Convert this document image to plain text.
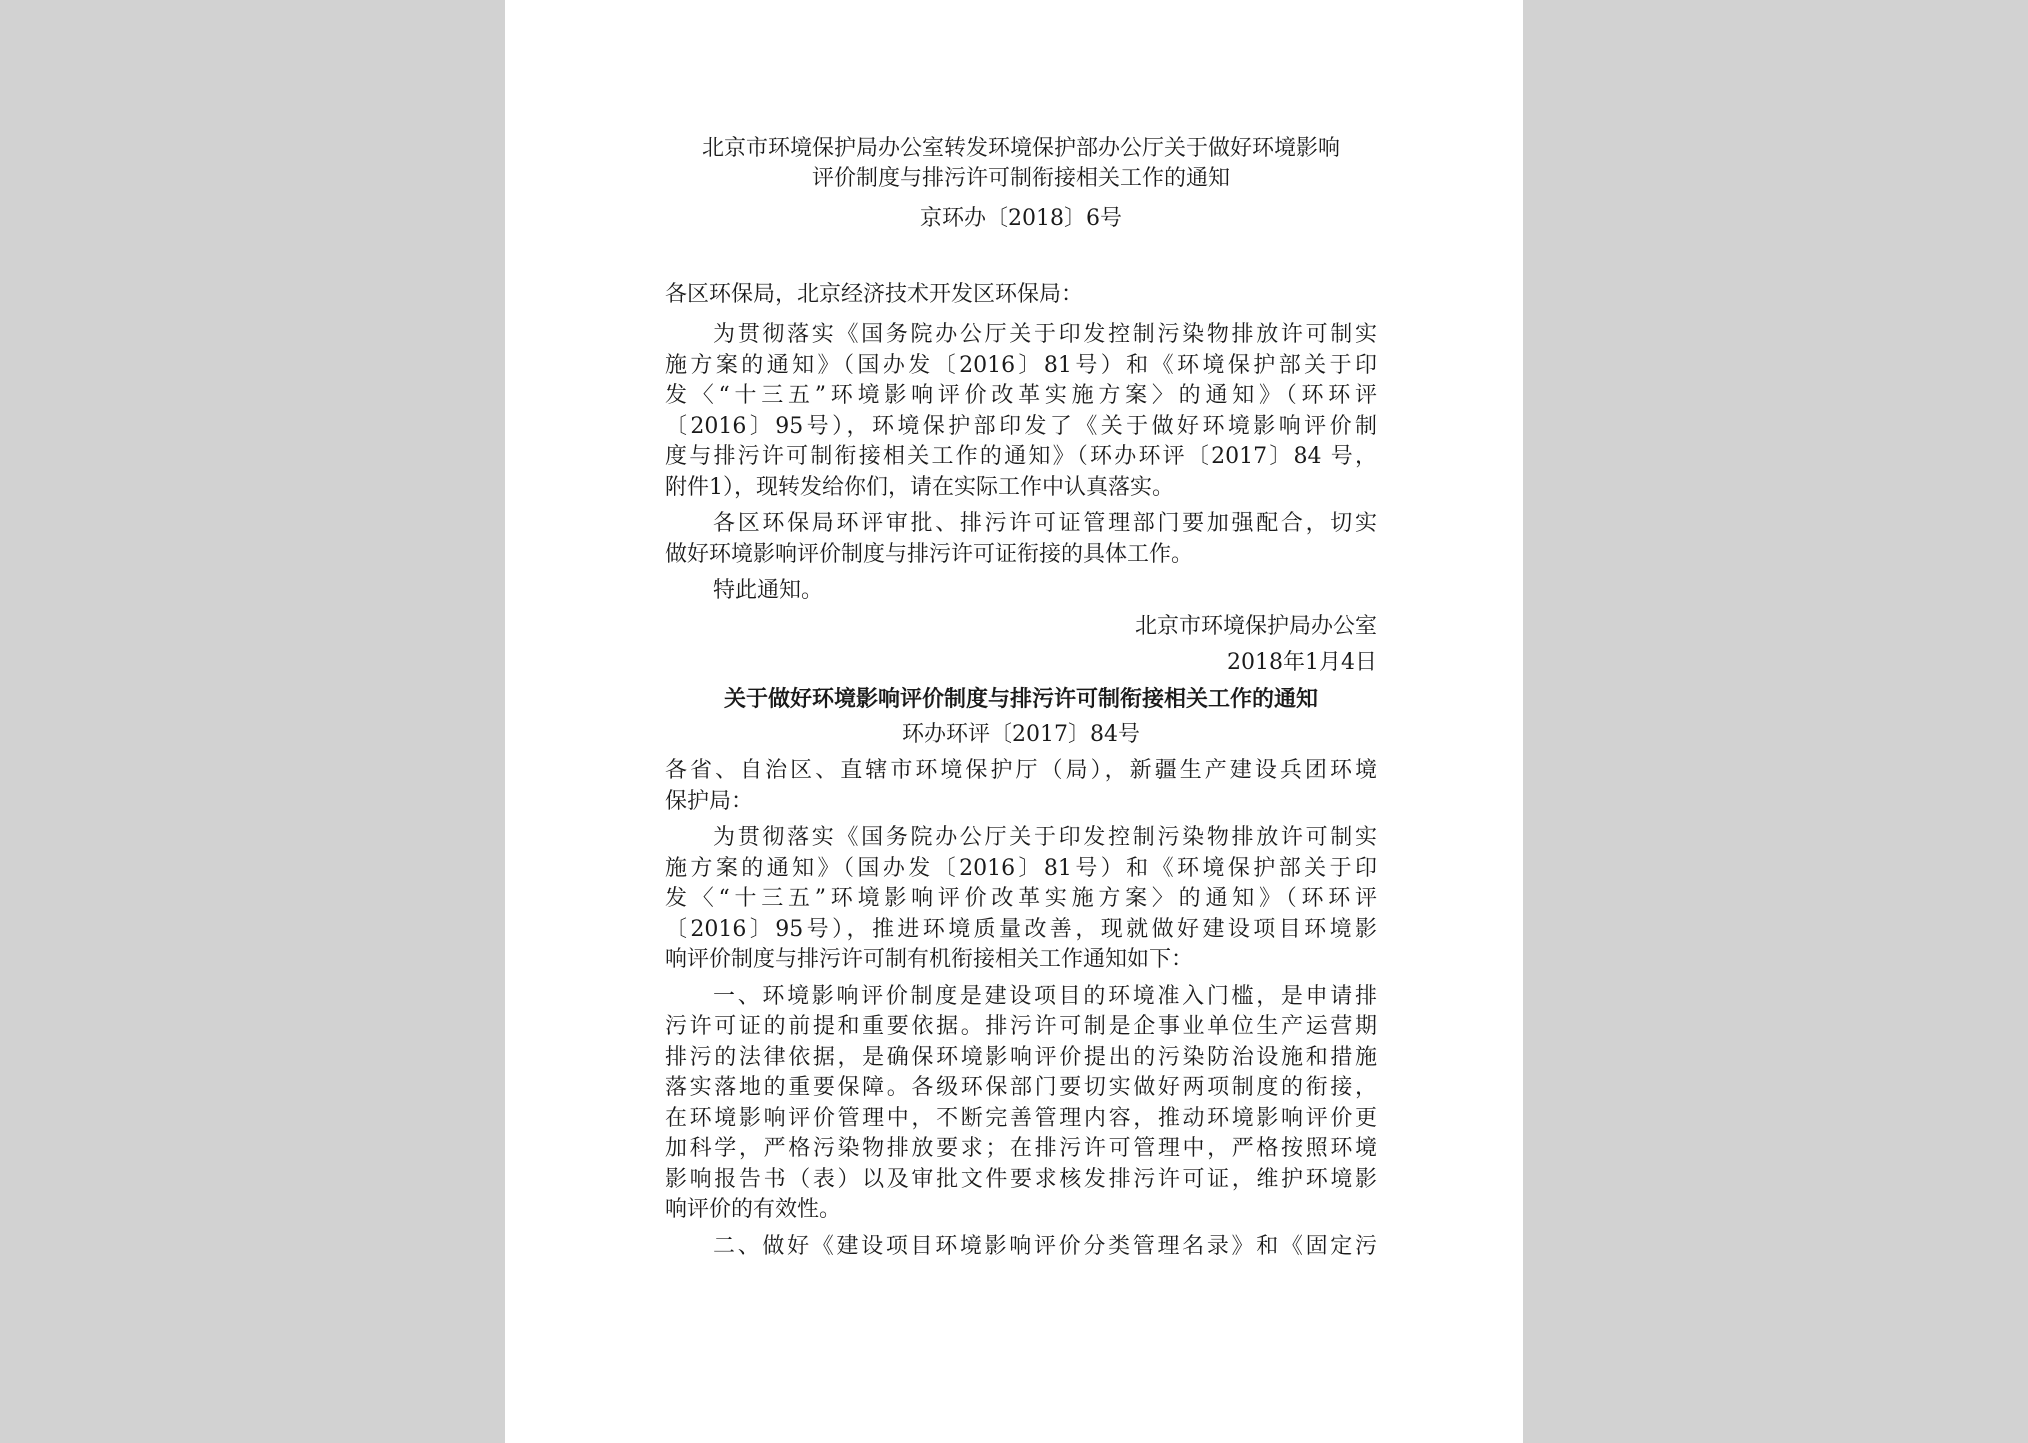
北京市环境保护局办公室转发环境保护部办公厅关于做好环境影响
评价制度与排污许可制衔接相关工作的通知
京环办〔2018〕6号
各区环保局，北京经济技术开发区环保局：
为贯彻落实《国务院办公厅关于印发控制污染物排放许可制实
施方案的通知》（国办发〔2016〕81号）和《环境保护部关于印
发〈“十三五”环境影响评价改革实施方案〉的通知》（环环评
〔2016〕95号），环境保护部印发了《关于做好环境影响评价制
度与排污许可制衔接相关工作的通知》（环办环评〔2017〕84 号，
附件1），现转发给你们，请在实际工作中认真落实。
各区环保局环评审批、排污许可证管理部门要加强配合，切实
做好环境影响评价制度与排污许可证衔接的具体工作。
特此通知。
北京市环境保护局办公室
2018年1月4日
关于做好环境影响评价制度与排污许可制衔接相关工作的通知
环办环评〔2017〕84号
各省、自治区、直辖市环境保护厅（局），新疆生产建设兵团环境
保护局：
为贯彻落实《国务院办公厅关于印发控制污染物排放许可制实
施方案的通知》（国办发〔2016〕81号）和《环境保护部关于印
发〈“十三五”环境影响评价改革实施方案〉的通知》（环环评
〔2016〕95号），推进环境质量改善，现就做好建设项目环境影
响评价制度与排污许可制有机衔接相关工作通知如下：
一、环境影响评价制度是建设项目的环境准入门槛，是申请排
污许可证的前提和重要依据。排污许可制是企事业单位生产运营期
排污的法律依据，是确保环境影响评价提出的污染防治设施和措施
落实落地的重要保障。各级环保部门要切实做好两项制度的衔接，
在环境影响评价管理中，不断完善管理内容，推动环境影响评价更
加科学，严格污染物排放要求；在排污许可管理中，严格按照环境
影响报告书（表）以及审批文件要求核发排污许可证，维护环境影
响评价的有效性。
二、做好《建设项目环境影响评价分类管理名录》和《固定污
